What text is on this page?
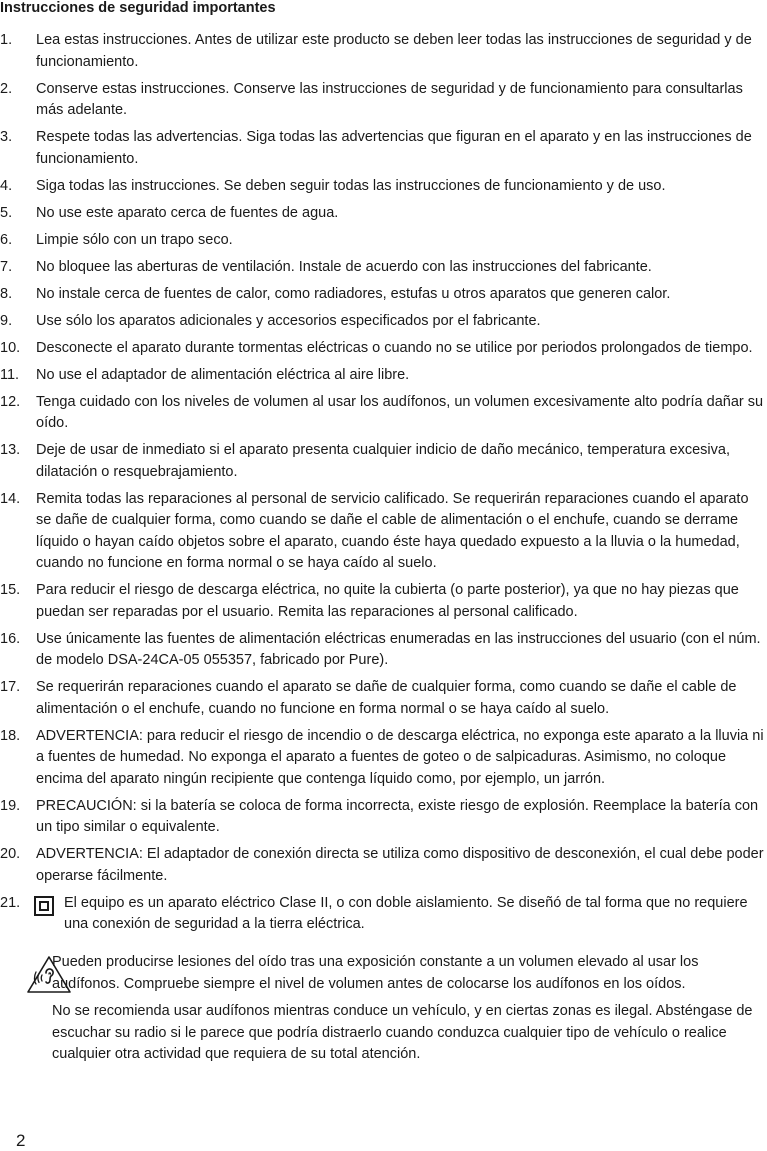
Instrucciones de seguridad importantes
1. Lea estas instrucciones. Antes de utilizar este producto se deben leer todas las instrucciones de seguridad y de funcionamiento.
2. Conserve estas instrucciones. Conserve las instrucciones de seguridad y de funcionamiento para consultarlas más adelante.
3. Respete todas las advertencias. Siga todas las advertencias que figuran en el aparato y en las instrucciones de funcionamiento.
4. Siga todas las instrucciones. Se deben seguir todas las instrucciones de funcionamiento y de uso.
5. No use este aparato cerca de fuentes de agua.
6. Limpie sólo con un trapo seco.
7. No bloquee las aberturas de ventilación. Instale de acuerdo con las instrucciones del fabricante.
8. No instale cerca de fuentes de calor, como radiadores, estufas u otros aparatos que generen calor.
9. Use sólo los aparatos adicionales y accesorios especificados por el fabricante.
10. Desconecte el aparato durante tormentas eléctricas o cuando no se utilice por periodos prolongados de tiempo.
11. No use el adaptador de alimentación eléctrica al aire libre.
12. Tenga cuidado con los niveles de volumen al usar los audífonos, un volumen excesivamente alto podría dañar su oído.
13. Deje de usar de inmediato si el aparato presenta cualquier indicio de daño mecánico, temperatura excesiva, dilatación o resquebrajamiento.
14. Remita todas las reparaciones al personal de servicio calificado. Se requerirán reparaciones cuando el aparato se dañe de cualquier forma, como cuando se dañe el cable de alimentación o el enchufe, cuando se derrame líquido o hayan caído objetos sobre el aparato, cuando éste haya quedado expuesto a la lluvia o la humedad, cuando no funcione en forma normal o se haya caído al suelo.
15. Para reducir el riesgo de descarga eléctrica, no quite la cubierta (o parte posterior), ya que no hay piezas que puedan ser reparadas por el usuario. Remita las reparaciones al personal calificado.
16. Use únicamente las fuentes de alimentación eléctricas enumeradas en las instrucciones del usuario (con el núm. de modelo DSA-24CA-05 055357, fabricado por Pure).
17. Se requerirán reparaciones cuando el aparato se dañe de cualquier forma, como cuando se dañe el cable de alimentación o el enchufe, cuando no funcione en forma normal o se haya caído al suelo.
18. ADVERTENCIA: para reducir el riesgo de incendio o de descarga eléctrica, no exponga este aparato a la lluvia ni a fuentes de humedad. No exponga el aparato a fuentes de goteo o de salpicaduras. Asimismo, no coloque encima del aparato ningún recipiente que contenga líquido como, por ejemplo, un jarrón.
19. PRECAUCIÓN: si la batería se coloca de forma incorrecta, existe riesgo de explosión. Reemplace la batería con un tipo similar o equivalente.
20. ADVERTENCIA: El adaptador de conexión directa se utiliza como dispositivo de desconexión, el cual debe poder operarse fácilmente.
21.	El equipo es un aparato eléctrico Clase II, o con doble aislamiento. Se diseñó de tal forma que no requiere una conexión de seguridad a la tierra eléctrica.

Pueden producirse lesiones del oído tras una exposición constante a un volumen elevado al usar los audífonos. Compruebe siempre el nivel de volumen antes de colocarse los audífonos en los oídos.

No se recomienda usar audífonos mientras conduce un vehículo, y en ciertas zonas es ilegal. Absténgase de escuchar su radio si le parece que podría distraerlo cuando conduzca cualquier tipo de vehículo o realice cualquier otra actividad que requiera de su total atención.

2
